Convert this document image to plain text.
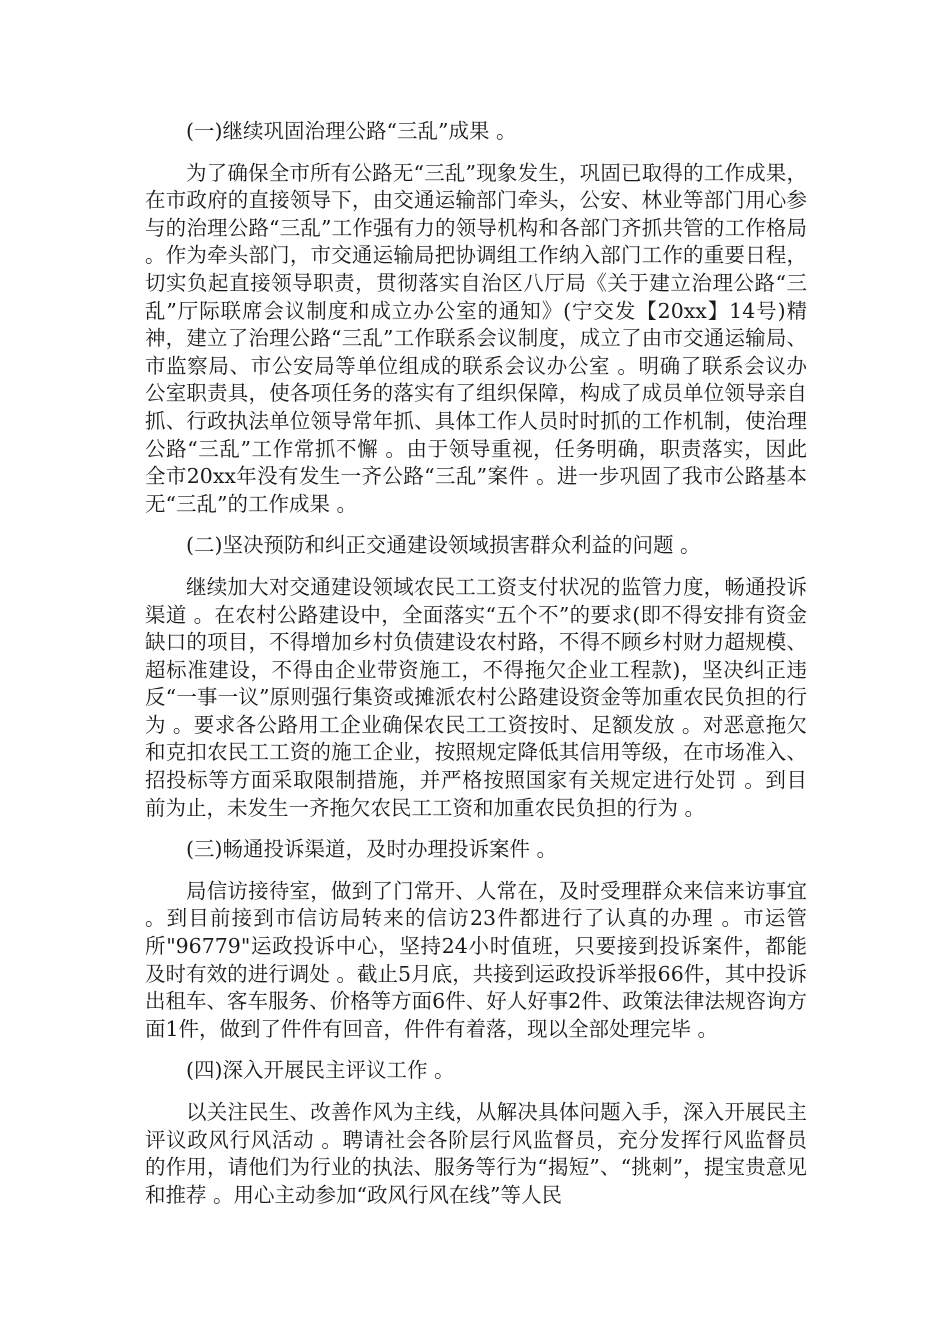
(一)继续巩固治理公路“三乱”成果 。

为了确保全市所有公路无“三乱”现象发生，巩固已取得的工作成果，在市政府的直接领导下，由交通运输部门牵头，公安、林业等部门用心参与的治理公路“三乱”工作强有力的领导机构和各部门齐抓共管的工作格局 。作为牵头部门，市交通运输局把协调组工作纳入部门工作的重要日程，切实负起直接领导职责，贯彻落实自治区八厅局《关于建立治理公路“三乱”厅际联席会议制度和成立办公室的通知》(宁交发【20xx】14号)精神，建立了治理公路“三乱”工作联系会议制度，成立了由市交通运输局、市监察局、市公安局等单位组成的联系会议办公室 。明确了联系会议办公室职责具，使各项任务的落实有了组织保障，构成了成员单位领导亲自抓、行政执法单位领导常年抓、具体工作人员时时抓的工作机制，使治理公路“三乱”工作常抓不懈 。由于领导重视，任务明确，职责落实，因此全市20xx年没有发生一齐公路“三乱”案件 。进一步巩固了我市公路基本无“三乱”的工作成果 。

(二)坚决预防和纠正交通建设领域损害群众利益的问题 。

继续加大对交通建设领域农民工工资支付状况的监管力度，畅通投诉渠道 。在农村公路建设中，全面落实“五个不”的要求(即不得安排有资金缺口的项目，不得增加乡村负债建设农村路，不得不顾乡村财力超规模、超标准建设，不得由企业带资施工，不得拖欠企业工程款)，坚决纠正违反“一事一议”原则强行集资或摊派农村公路建设资金等加重农民负担的行为 。要求各公路用工企业确保农民工工资按时、足额发放 。对恶意拖欠和克扣农民工工资的施工企业，按照规定降低其信用等级，在市场准入、招投标等方面采取限制措施，并严格按照国家有关规定进行处罚 。到目前为止，未发生一齐拖欠农民工工资和加重农民负担的行为 。

(三)畅通投诉渠道，及时办理投诉案件 。

局信访接待室，做到了门常开、人常在，及时受理群众来信来访事宜 。到目前接到市信访局转来的信访23件都进行了认真的办理 。市运管所"96779"运政投诉中心，坚持24小时值班，只要接到投诉案件，都能及时有效的进行调处 。截止5月底，共接到运政投诉举报66件，其中投诉出租车、客车服务、价格等方面6件、好人好事2件、政策法律法规咨询方面1件，做到了件件有回音，件件有着落，现以全部处理完毕 。

(四)深入开展民主评议工作 。

以关注民生、改善作风为主线，从解决具体问题入手，深入开展民主评议政风行风活动 。聘请社会各阶层行风监督员，充分发挥行风监督员的作用，请他们为行业的执法、服务等行为“揭短”、“挑刺”，提宝贵意见和推荐 。用心主动参加“政风行风在线”等人民
